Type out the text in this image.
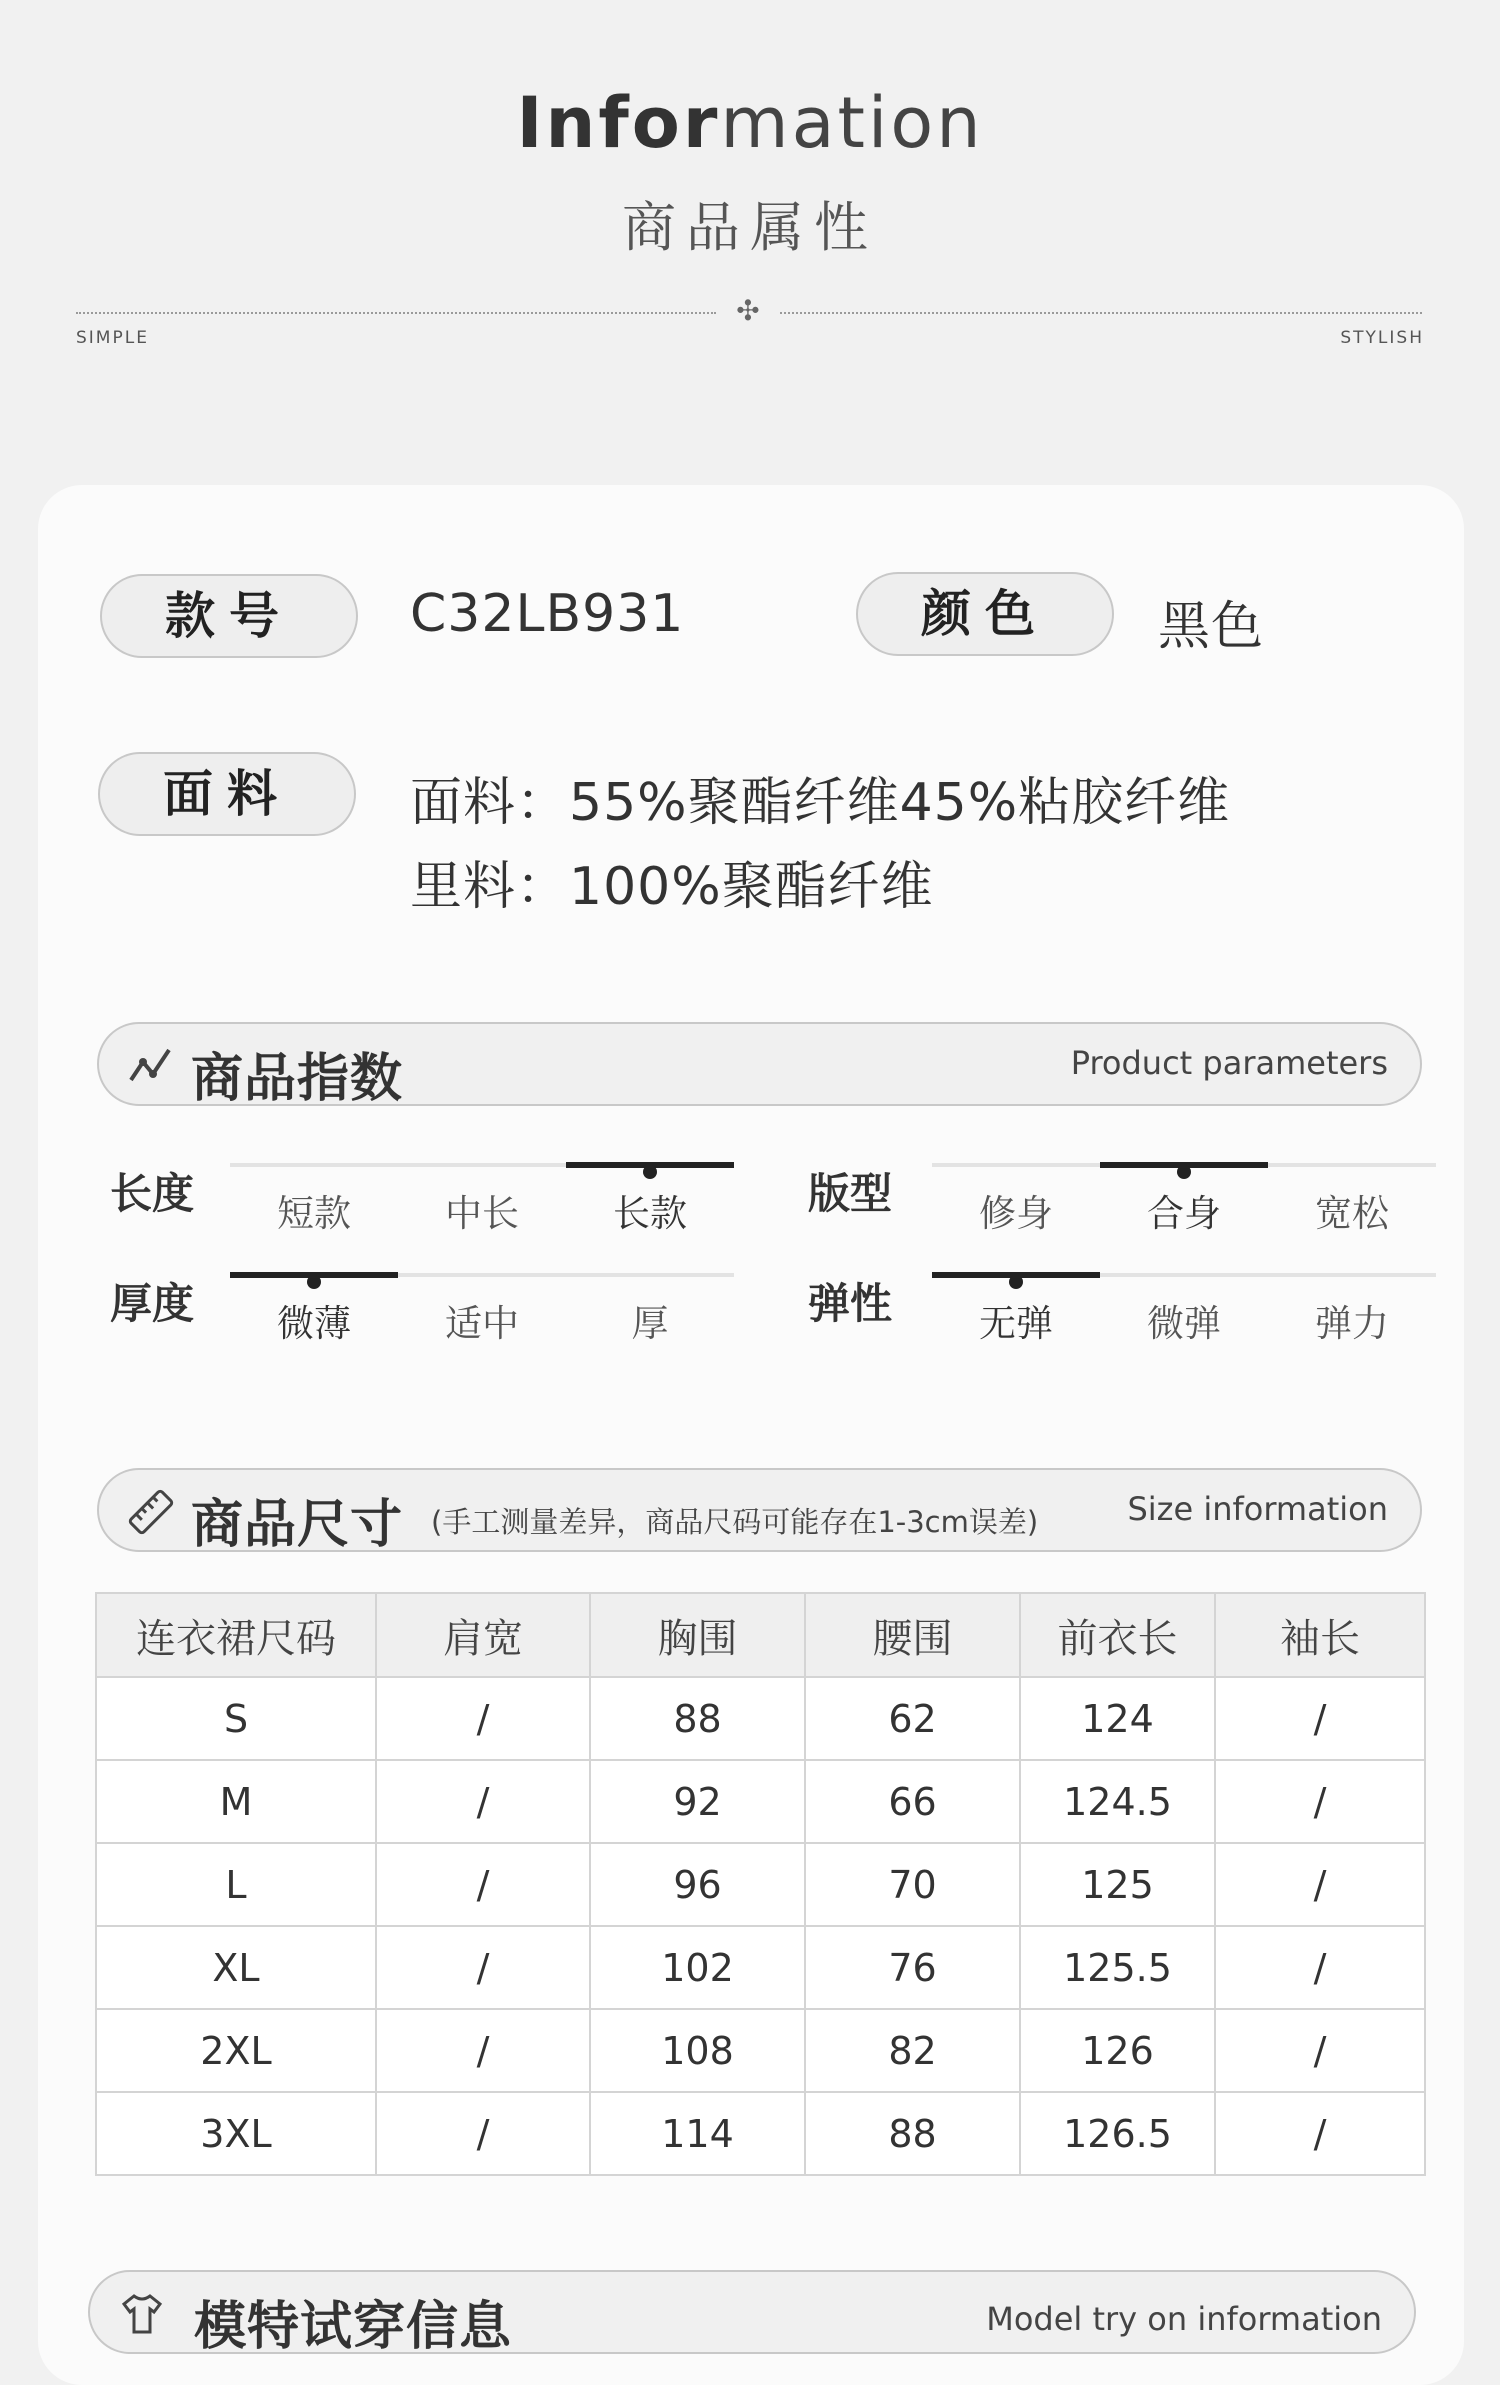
Information
商品属性
✣
SIMPLE	STYLISH
款号	C32LB931	颜色	黑色
面料	面料：55%聚酯纤维45%粘胶纤维
里料：100%聚酯纤维
商品指数	Product parameters
长度	短款	中长	长款	版型	修身	合身	宽松
厚度	微薄	适中	厚	弹性	无弹	微弹	弹力
商品尺寸 (手工测量差异，商品尺码可能存在1-3cm误差)	Size information
连衣裙尺码	肩宽	胸围	腰围	前衣长	袖长
S	/	88	62	124	/
M	/	92	66	124.5	/
L	/	96	70	125	/
XL	/	102	76	125.5	/
2XL	/	108	82	126	/
3XL	/	114	88	126.5	/
模特试穿信息	Model try on information
